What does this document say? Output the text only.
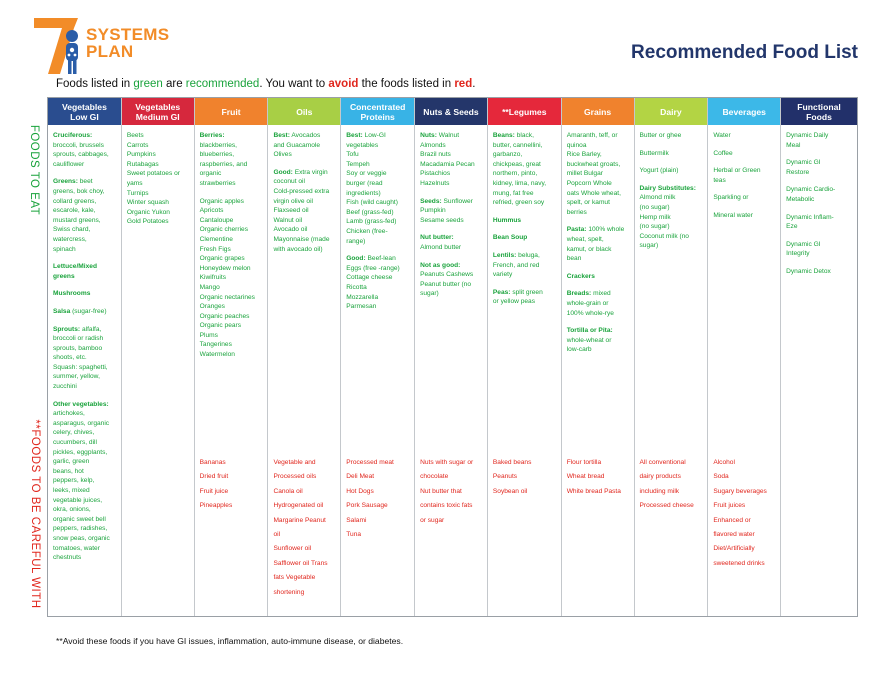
SYSTEMS
PLAN	Recommended Food List
Foods listed in green are recommended. You want to avoid the foods listed in red.
FOODS TO EAT
**FOODS TO BE CAREFUL WITH
Vegetables
Low GI
Cruciferous:
broccoli, brussels
sprouts, cabbages,
cauliflower
Greens: beet
greens, bok choy,
collard greens,
escarole, kale,
mustard greens,
Swiss chard,
watercress,
spinach
Lettuce/Mixed
greens
Mushrooms
Salsa (sugar-free)
Sprouts: alfalfa,
broccoli or radish
sprouts, bamboo
shoots, etc.
Squash: spaghetti,
summer, yellow,
zucchini
Other vegetables:
artichokes,
asparagus, organic
celery, chives,
cucumbers, dill
pickles, eggplants,
garlic, green
beans, hot
peppers, kelp,
leeks, mixed
vegetable juices,
okra, onions,
organic sweet bell
peppers, radishes,
snow peas, organic
tomatoes, water
chestnuts
Vegetables
Medium GI
Beets
Carrots
Pumpkins
Rutabagas
Sweet potatoes or
yams
Turnips
Winter squash
Organic Yukon
Gold Potatoes
Fruit
Berries:
blackberries,
blueberries,
raspberries, and
organic
strawberries
Organic apples
Apricots
Cantaloupe
Organic cherries
Clementine
Fresh Figs
Organic grapes
Honeydew melon
Kiwifruits
Mango
Organic nectarines
Oranges
Organic peaches
Organic pears
Plums
Tangerines
Watermelon
Bananas
Dried fruit
Fruit juice
Pineapples
Oils
Best: Avocados
and Guacamole
Olives
Good: Extra virgin
coconut oil
Cold-pressed extra
virgin olive oil
Flaxseed oil
Walnut oil
Avocado oil
Mayonnaise (made
with avocado oil)
Vegetable and
Processed oils
Canola oil
Hydrogenated oil
Margarine Peanut
oil
Sunflower oil
Safflower oil Trans
fats Vegetable
shortening
Concentrated
Proteins
Best: Low-GI
vegetables
Tofu
Tempeh
Soy or veggie
burger (read
ingredients)
Fish (wild caught)
Beef (grass-fed)
Lamb (grass-fed)
Chicken (free-
range)
Good: Beef-lean
Eggs (free -range)
Cottage cheese
Ricotta
Mozzarella
Parmesan
Processed meat
Deli Meat
Hot Dogs
Pork Sausage
Salami
Tuna
Nuts & Seeds
Nuts: Walnut
Almonds
Brazil nuts
Macadamia Pecan
Pistachios
Hazelnuts
Seeds: Sunflower
Pumpkin
Sesame seeds
Nut butter:
Almond butter
Not as good:
Peanuts Cashews
Peanut butter (no
sugar)
Nuts with sugar or
chocolate
Nut butter that
contains toxic fats
or sugar
**Legumes
Beans: black,
butter, cannellini,
garbanzo,
chickpeas, great
northern, pinto,
kidney, lima, navy,
mung, fat free
refried, green soy
Hummus
Bean Soup
Lentils: beluga,
French, and red
variety
Peas: split green
or yellow peas
Baked beans
Peanuts
Soybean oil
Grains
Amaranth, teff, or
quinoa
Rice Barley,
buckwheat groats,
millet Bulgar
Popcorn Whole
oats Whole wheat,
spelt, or kamut
berries
Pasta: 100% whole
wheat, spelt,
kamut, or black
bean
Crackers
Breads: mixed
whole-grain or
100% whole-rye
Tortilla or Pita:
whole-wheat or
low-carb
Flour tortilla
Wheat bread
White bread Pasta
Dairy
Butter or ghee
Buttermilk
Yogurt (plain)
Dairy Substitutes:
Almond milk
(no sugar)
Hemp milk
(no sugar)
Coconut milk (no
sugar)
All conventional
dairy products
including milk
Processed cheese
Beverages
Water
Coffee
Herbal or Green
teas
Sparkling or
Mineral water
Alcohol
Soda
Sugary beverages
Fruit juices
Enhanced or
flavored water
Diet/Artificially
sweetened drinks
Functional
Foods
Dynamic Daily
Meal
Dynamic GI
Restore
Dynamic Cardio-
Metabolic
Dynamic Inflam-
Eze
Dynamic GI
Integrity
Dynamic Detox
**Avoid these foods if you have GI issues, inflammation, auto-immune disease, or diabetes.
